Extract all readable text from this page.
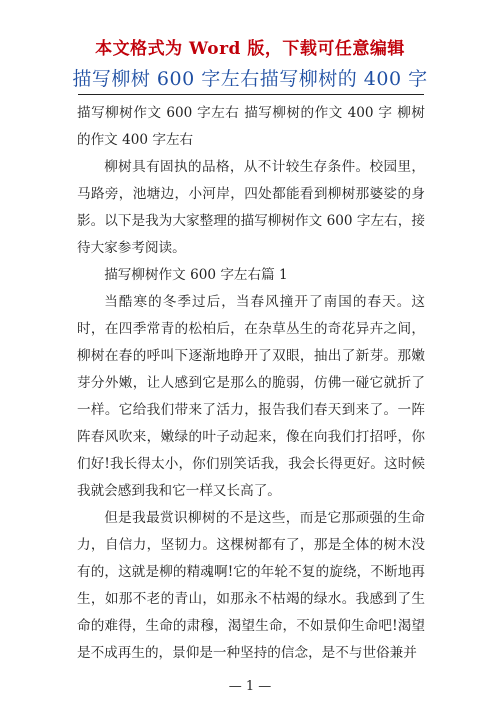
本文格式为 Word 版，下载可任意编辑
描写柳树 600 字左右描写柳树的 400 字

描写柳树作文 600 字左右 描写柳树的作文 400 字 柳树的作文 400 字左右

柳树具有固执的品格，从不计较生存条件。校园里，马路旁，池塘边，小河岸，四处都能看到柳树那婆娑的身影。以下是我为大家整理的描写柳树作文 600 字左右，接待大家参考阅读。

描写柳树作文 600 字左右篇 1

当酷寒的冬季过后，当春风撞开了南国的春天。这时，在四季常青的松柏后，在杂草丛生的奇花异卉之间，柳树在春的呼叫下逐渐地睁开了双眼，抽出了新芽。那嫩芽分外嫩，让人感到它是那么的脆弱，仿佛一碰它就折了一样。它给我们带来了活力，报告我们春天到来了。一阵阵春风吹来，嫩绿的叶子动起来，像在向我们打招呼，你们好!我长得太小，你们别笑话我，我会长得更好。这时候我就会感到我和它一样又长高了。

但是我最赏识柳树的不是这些，而是它那顽强的生命力，自信力，坚韧力。这棵树都有了，那是全体的树木没有的，这就是柳的精魂啊!它的年轮不复的旋绕，不断地再生，如那不老的青山，如那永不枯竭的绿水。我感到了生命的难得，生命的肃穆，渴望生命，不如景仰生命吧!渴望是不成再生的，景仰是一种坚持的信念，是不与世俗兼并

— 1 —
